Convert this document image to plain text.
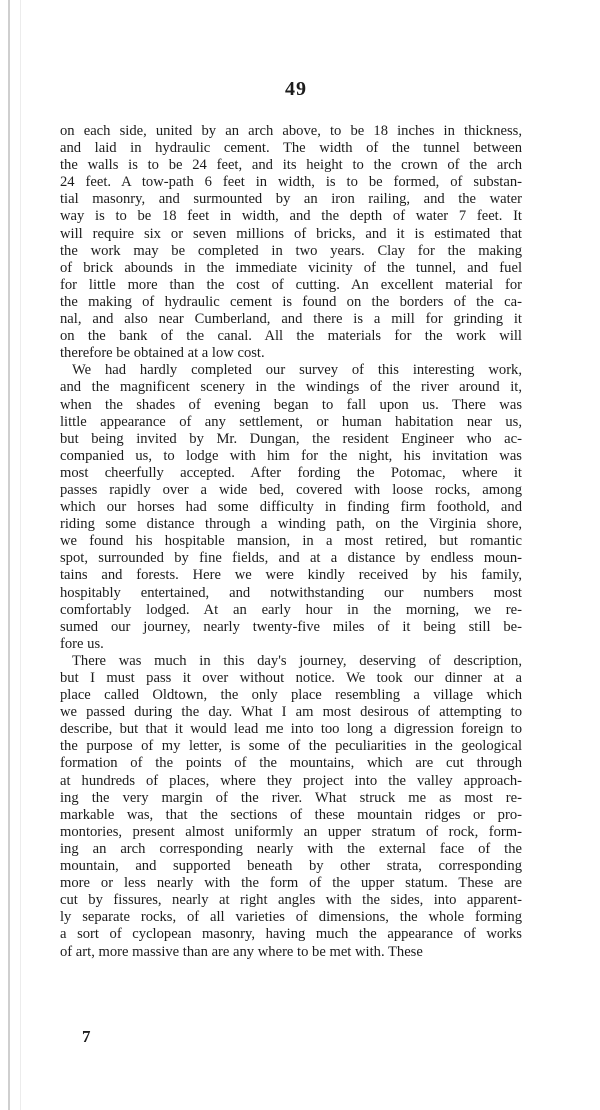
49
on each side, united by an arch above, to be 18 inches in thickness,
and laid in hydraulic cement. The width of the tunnel between
the walls is to be 24 feet, and its height to the crown of the arch
24 feet. A tow-path 6 feet in width, is to be formed, of substan-
tial masonry, and surmounted by an iron railing, and the water
way is to be 18 feet in width, and the depth of water 7 feet. It
will require six or seven millions of bricks, and it is estimated that
the work may be completed in two years. Clay for the making
of brick abounds in the immediate vicinity of the tunnel, and fuel
for little more than the cost of cutting. An excellent material for
the making of hydraulic cement is found on the borders of the ca-
nal, and also near Cumberland, and there is a mill for grinding it
on the bank of the canal. All the materials for the work will
therefore be obtained at a low cost.
We had hardly completed our survey of this interesting work,
and the magnificent scenery in the windings of the river around it,
when the shades of evening began to fall upon us. There was
little appearance of any settlement, or human habitation near us,
but being invited by Mr. Dungan, the resident Engineer who ac-
companied us, to lodge with him for the night, his invitation was
most cheerfully accepted. After fording the Potomac, where it
passes rapidly over a wide bed, covered with loose rocks, among
which our horses had some difficulty in finding firm foothold, and
riding some distance through a winding path, on the Virginia shore,
we found his hospitable mansion, in a most retired, but romantic
spot, surrounded by fine fields, and at a distance by endless moun-
tains and forests. Here we were kindly received by his family,
hospitably entertained, and notwithstanding our numbers most
comfortably lodged. At an early hour in the morning, we re-
sumed our journey, nearly twenty-five miles of it being still be-
fore us.
There was much in this day's journey, deserving of description,
but I must pass it over without notice. We took our dinner at a
place called Oldtown, the only place resembling a village which
we passed during the day. What I am most desirous of attempting to
describe, but that it would lead me into too long a digression foreign to
the purpose of my letter, is some of the peculiarities in the geological
formation of the points of the mountains, which are cut through
at hundreds of places, where they project into the valley approach-
ing the very margin of the river. What struck me as most re-
markable was, that the sections of these mountain ridges or pro-
montories, present almost uniformly an upper stratum of rock, form-
ing an arch corresponding nearly with the external face of the
mountain, and supported beneath by other strata, corresponding
more or less nearly with the form of the upper statum. These are
cut by fissures, nearly at right angles with the sides, into apparent-
ly separate rocks, of all varieties of dimensions, the whole forming
a sort of cyclopean masonry, having much the appearance of works
of art, more massive than are any where to be met with. These
7
